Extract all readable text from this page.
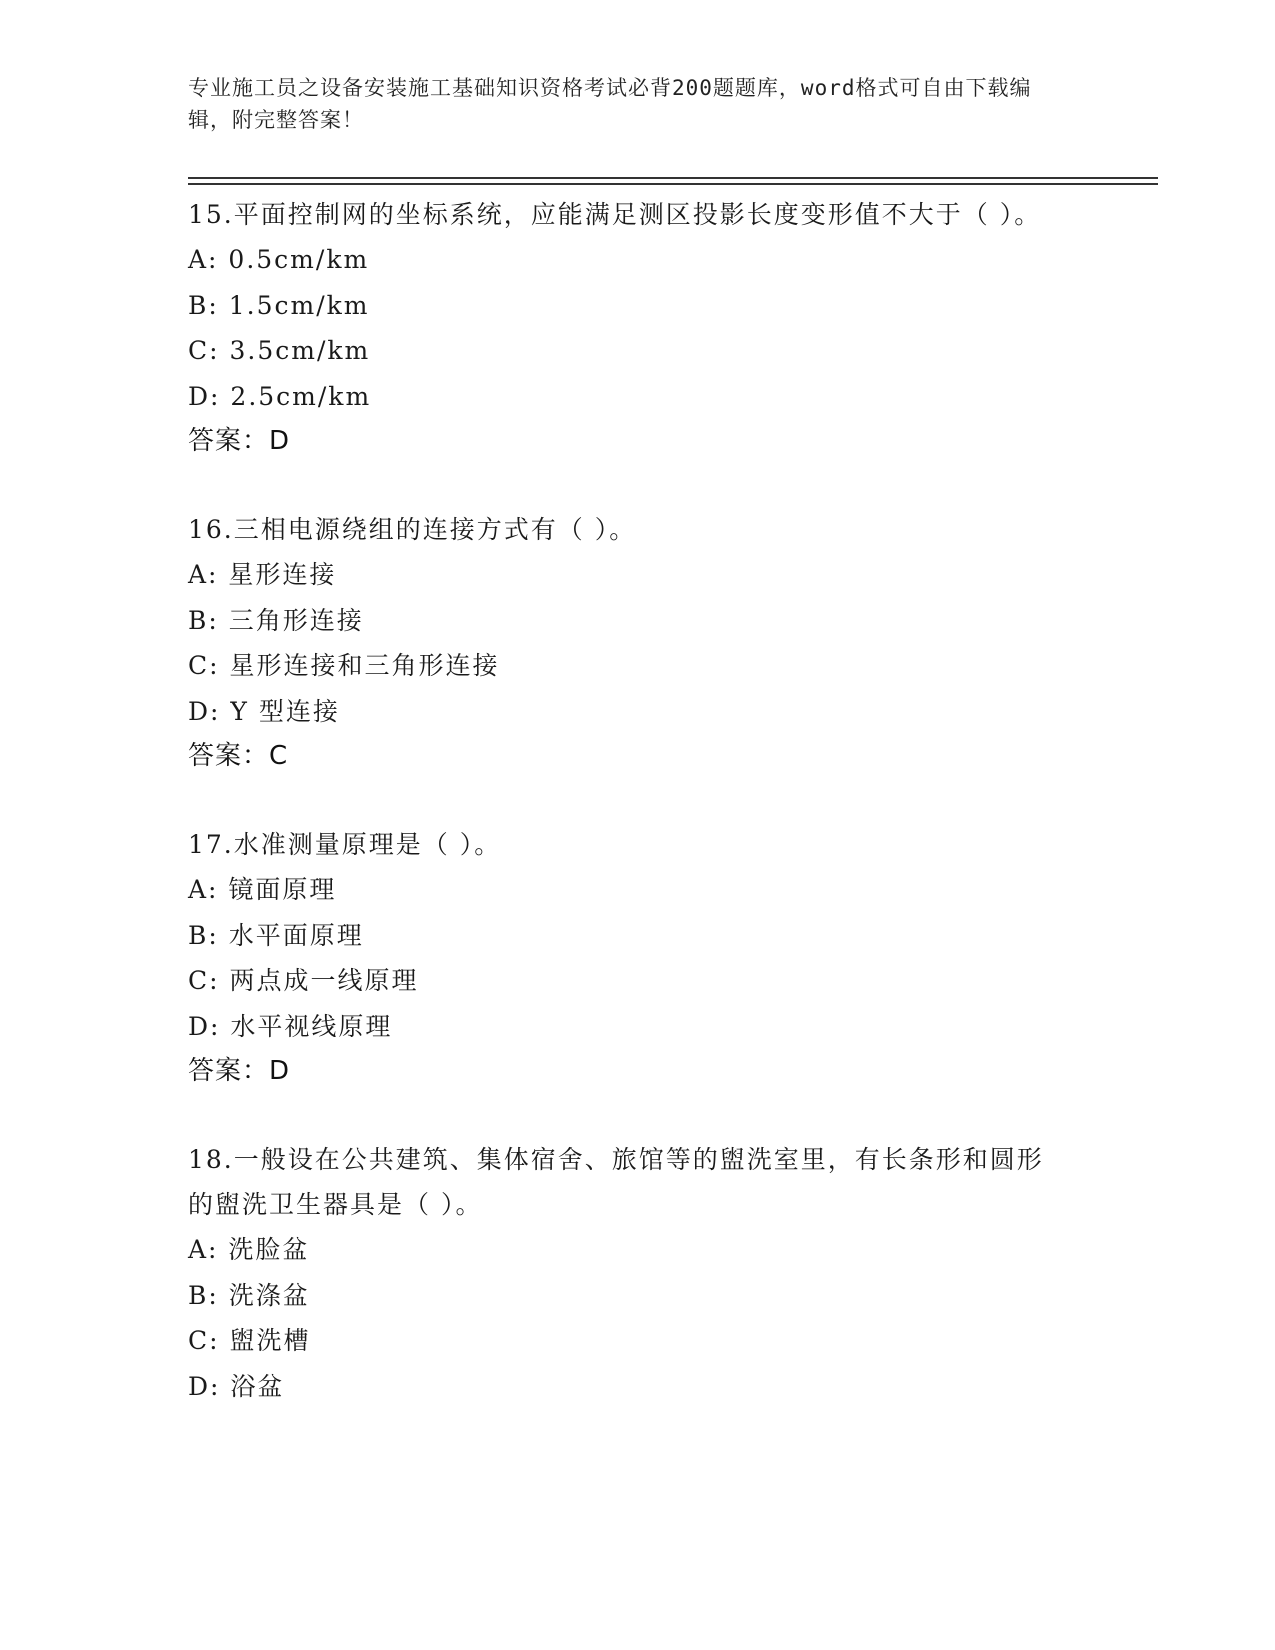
专业施工员之设备安装施工基础知识资格考试必背200题题库，word格式可自由下载编辑，附完整答案！
15.平面控制网的坐标系统，应能满足测区投影长度变形值不大于（ ）。
A: 0.5cm/km
B: 1.5cm/km
C: 3.5cm/km
D: 2.5cm/km
答案：D
16.三相电源绕组的连接方式有（ ）。
A: 星形连接
B: 三角形连接
C: 星形连接和三角形连接
D: Y 型连接
答案：C
17.水准测量原理是（ ）。
A: 镜面原理
B: 水平面原理
C: 两点成一线原理
D: 水平视线原理
答案：D
18.一般设在公共建筑、集体宿舍、旅馆等的盥洗室里，有长条形和圆形的盥洗卫生器具是（ ）。
A: 洗脸盆
B: 洗涤盆
C: 盥洗槽
D: 浴盆
